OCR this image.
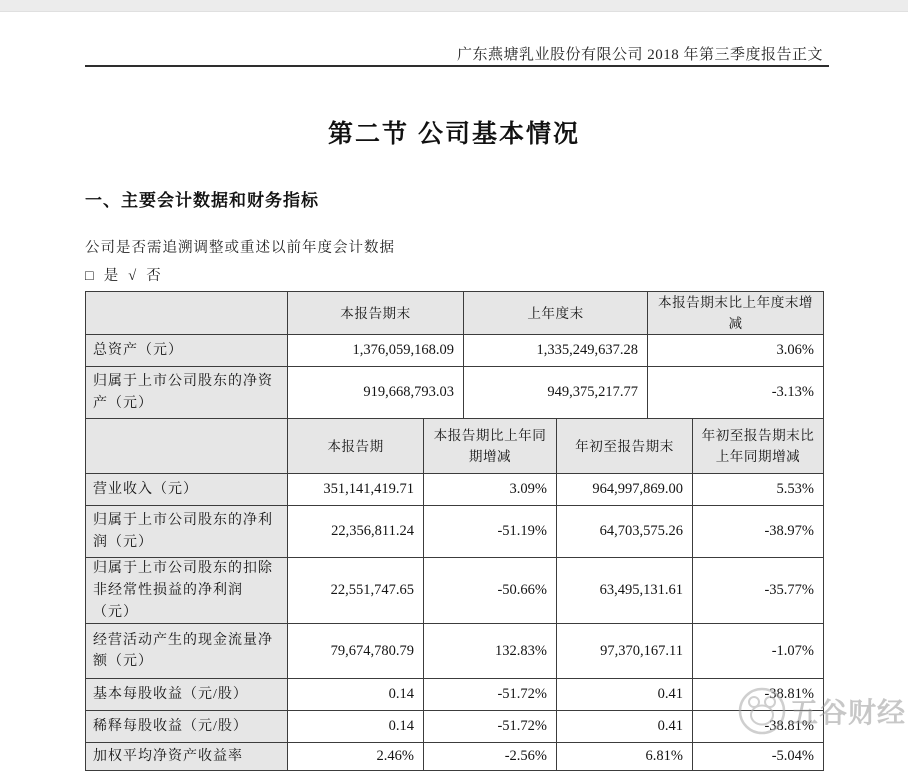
广东燕塘乳业股份有限公司 2018 年第三季度报告正文
第二节 公司基本情况
一、主要会计数据和财务指标

公司是否需追溯调整或重述以前年度会计数据

□ 是 √ 否

	本报告期末	上年度末	本报告期末比上年度末增减
总资产（元）	1,376,059,168.09	1,335,249,637.28	3.06%
归属于上市公司股东的净资产（元）	919,668,793.03	949,375,217.77	-3.13%
	本报告期	本报告期比上年同期增减	年初至报告期末	年初至报告期末比上年同期增减
营业收入（元）	351,141,419.71	3.09%	964,997,869.00	5.53%
归属于上市公司股东的净利润（元）	22,356,811.24	-51.19%	64,703,575.26	-38.97%
归属于上市公司股东的扣除非经常性损益的净利润（元）	22,551,747.65	-50.66%	63,495,131.61	-35.77%
经营活动产生的现金流量净额（元）	79,674,780.79	132.83%	97,370,167.11	-1.07%
基本每股收益（元/股）	0.14	-51.72%	0.41	-38.81%
稀释每股收益（元/股）	0.14	-51.72%	0.41	-38.81%
加权平均净资产收益率	2.46%	-2.56%	6.81%	-5.04%
五谷财经
